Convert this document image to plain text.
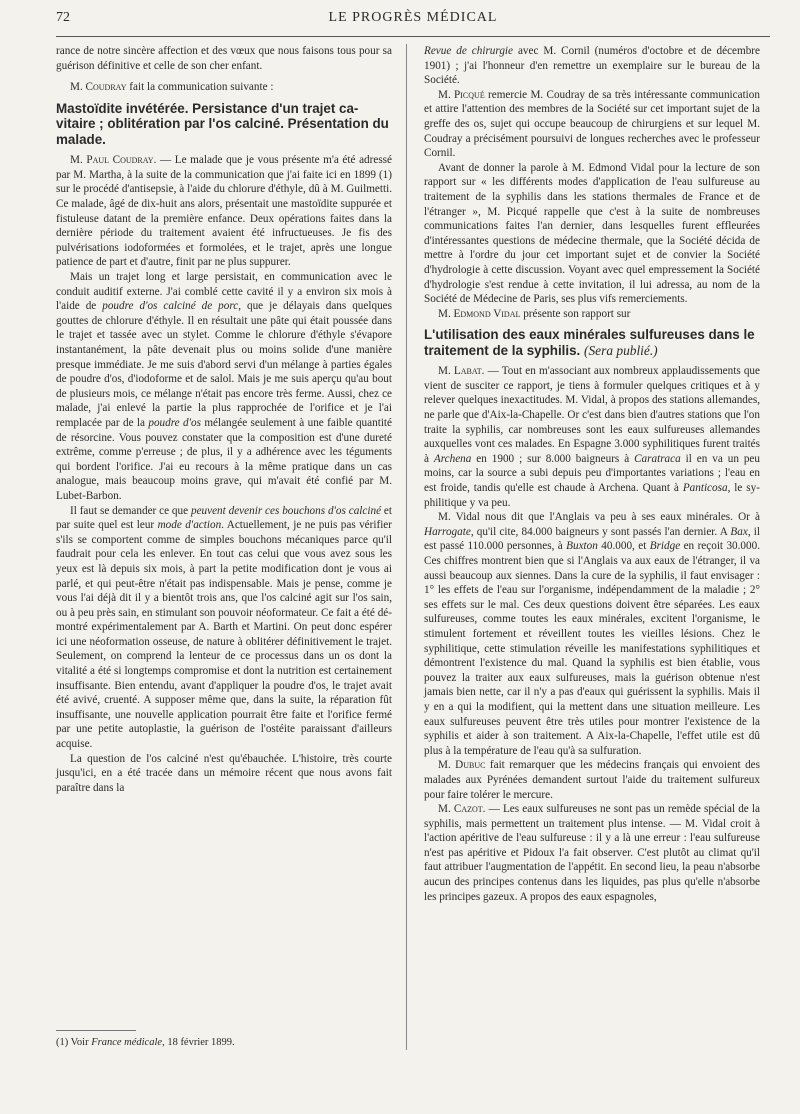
72	LE PROGRÈS MÉDICAL

rance de notre sincère affection et des vœux que nous faisons tous pour sa guérison définitive et celle de son cher enfant.

M. Coudray fait la communication suivante :

Mastoïdite invétérée. Persistance d'un trajet cavitaire ; oblitération par l'os calciné. Présentation du malade.

M. Paul Coudray. — Le malade que je vous présente m'a été adressé par M. Martha, à la suite de la communication que j'ai faite ici en 1899 (1) sur le procédé d'antisepsie, à l'aide du chlorure d'éthyle, dû à M. Guilmetti. Ce malade, âgé de dix-huit ans alors, présentait une mastoïdite suppurée et fistuleuse datant de la première enfance. Deux opérations faites dans la dernière période du traitement avaient été infructueuses. Je fis des pulvérisations iodoformées et formolées, et le trajet, après une longue patience de part et d'autre, finit par ne plus suppurer.

Mais un trajet long et large persistait, en communication avec le conduit auditif externe. J'ai comblé cette cavité il y a environ six mois à l'aide de poudre d'os calciné de porc, que je délayais dans quelques gouttes de chlorure d'éthyle. Il en résultait une pâte qui était poussée dans le trajet et tassée avec un stylet. Comme le chlorure d'éthyle s'évapore instantanément, la pâte devenait plus ou moins solide d'une manière presque immédiate. Je me suis d'abord servi d'un mélange à parties égales de poudre d'os, d'iodoforme et de salol. Mais je me suis aperçu qu'au bout de plusieurs mois, ce mélange n'était pas encore très ferme. Aussi, chez ce malade, j'ai enlevé la partie la plus rapprochée de l'orifice et je l'ai remplacée par de la poudre d'os mélangée seulement à une faible quantité de résorcine. Vous pouvez constater que la composition est d'une dureté extrême, comme p'erreuse ; de plus, il y a adhérence avec les téguments qui bordent l'orifice. J'ai eu recours à la même pratique dans un cas analogue, mais beaucoup moins grave, qui m'avait été confié par M. Lubet-Barbon.

Il faut se demander ce que peuvent devenir ces bouchons d'os calciné et par suite quel est leur mode d'action. Actuellement, je ne puis pas vérifier s'ils se comportent comme de simples bouchons mécaniques parce qu'il faudrait pour cela les enlever. En tout cas celui que vous avez sous les yeux est là depuis six mois, à part la petite modification dont je vous ai parlé, et qui peut-être n'était pas indispensable. Mais je pense, comme je vous l'ai déjà dit il y a bientôt trois ans, que l'os calciné agit sur l'os sain, ou à peu près sain, en stimulant son pouvoir néoformateur. Ce fait a été démontré expérimentalement par A. Barth et Martini. On peut donc espérer ici une néoformation osseuse, de nature à oblitérer définitivement le trajet. Seulement, on comprend la lenteur de ce processus dans un os dont la vitalité a été si longtemps compromise et dont la nutrition est certainement insuffisante. Bien entendu, avant d'appliquer la poudre d'os, le trajet avait été avivé, cruenté. A supposer même que, dans la suite, la réparation fût insuffisante, une nouvelle application pourrait être faite et l'orifice fermé par une petite autoplastie, la guérison de l'ostéite paraissant d'ailleurs acquise.

La question de l'os calciné n'est qu'ébauchée. L'histoire, très courte jusqu'ici, en a été tracée dans un mémoire récent que nous avons fait paraître dans la

Revue de chirurgie avec M. Cornil (numéros d'octobre et de décembre 1901) ; j'ai l'honneur d'en remettre un exemplaire sur le bureau de la Société.

M. Picqué remercie M. Coudray de sa très intéressante communication et attire l'attention des membres de la Société sur cet important sujet de la greffe des os, sujet qui occupe beaucoup de chirurgiens et sur lequel M. Coudray a précisément poursuivi de longues recherches avec le professeur Cornil.

Avant de donner la parole à M. Edmond Vidal pour la lecture de son rapport sur « les différents modes d'application de l'eau sulfureuse au traitement de la syphilis dans les stations thermales de France et de l'étranger », M. Picqué rappelle que c'est à la suite de nombreuses communications faites l'an dernier, dans lesquelles furent effleurées d'intéressantes questions de médecine thermale, que la Société décida de mettre à l'ordre du jour cet important sujet et de convier la Société d'hydrologie à cette discussion. Voyant avec quel empressement la Société d'hydrologie s'est rendue à cette invitation, il lui adressa, au nom de la Société de Médecine de Paris, ses plus vifs remerciements.

M. Edmond Vidal présente son rapport sur

L'utilisation des eaux minérales sulfureuses dans le traitement de la syphilis. (Sera publié.)

M. Labat. — Tout en m'associant aux nombreux applaudissements que vient de susciter ce rapport, je tiens à formuler quelques critiques et à y relever quelques inexactitudes. M. Vidal, à propos des stations allemandes, ne parle que d'Aix-la-Chapelle. Or c'est dans bien d'autres stations que l'on traite la syphilis, car nombreuses sont les eaux sulfureuses allemandes auxquelles vont ces malades. En Espagne 3.000 syphilitiques furent traités à Archena en 1900 ; sur 8.000 baigneurs à Caratraca il en va un peu moins, car la source a subi depuis peu d'importantes variations ; l'eau en est froide, tandis qu'elle est chaude à Archena. Quant à Panticosa, le syphilitique y va peu.

M. Vidal nous dit que l'Anglais va peu à ses eaux minérales. Or à Harrogate, qu'il cite, 84.000 baigneurs y sont passés l'an dernier. A Bax, il est passé 110.000 personnes, à Buxton 40.000, et Bridge en reçoit 30.000. Ces chiffres montrent bien que si l'Anglais va aux eaux de l'étranger, il va aussi beaucoup aux siennes. Dans la cure de la syphilis, il faut envisager : 1° les effets de l'eau sur l'organisme, indépendamment de la maladie ; 2° ses effets sur le mal. Ces deux questions doivent être séparées. Les eaux sulfureuses, comme toutes les eaux minérales, excitent l'organisme, le stimulent fortement et réveillent toutes les vieilles lésions. Chez le syphilitique, cette stimulation réveille les manifestations syphilitiques et démontrent l'existence du mal. Quand la syphilis est bien établie, vous pouvez la traiter aux eaux sulfureuses, mais la guérison obtenue n'est jamais bien nette, car il n'y a pas d'eaux qui guérissent la syphilis. Mais il y en a qui la modifient, qui la mettent dans une situation meilleure. Les eaux sulfureuses peuvent être très utiles pour montrer l'existence de la syphilis et aider à son traitement. A Aix-la-Chapelle, l'effet utile est dû plus à la température de l'eau qu'à sa sulfuration.

M. Dubuc fait remarquer que les médecins français qui envoient des malades aux Pyrénées demandent surtout l'aide du traitement sulfureux pour faire tolérer le mercure.

M. Cazot. — Les eaux sulfureuses ne sont pas un remède spécial de la syphilis, mais permettent un traitement plus intense. — M. Vidal croit à l'action apéritive de l'eau sulfureuse : il y a là une erreur : l'eau sulfureuse n'est pas apéritive et Pidoux l'a fait observer. C'est plutôt au climat qu'il faut attribuer l'augmentation de l'appétit. En second lieu, la peau n'absorbe aucun des principes contenus dans les liquides, pas plus qu'elle n'absorbe les principes gazeux. A propos des eaux espagnoles,

(1) Voir France médicale, 18 février 1899.
